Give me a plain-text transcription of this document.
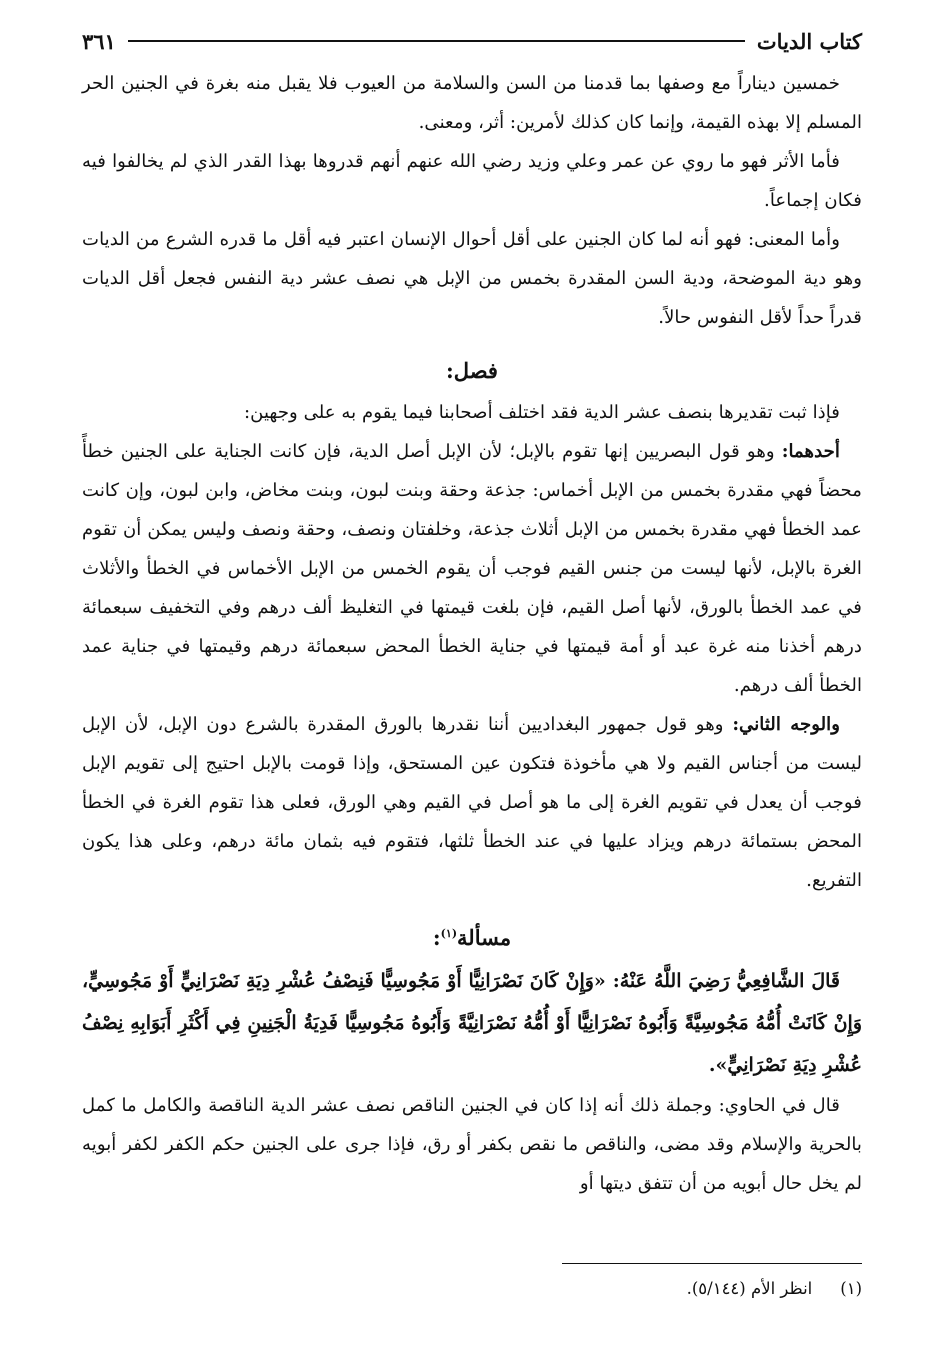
كتاب الديات
٣٦١

خمسين ديناراً مع وصفها بما قدمنا من السن والسلامة من العيوب فلا يقبل منه بغرة في الجنين الحر المسلم إلا بهذه القيمة، وإنما كان كذلك لأمرين: أثر، ومعنى.

فأما الأثر فهو ما روي عن عمر وعلي وزيد رضي الله عنهم أنهم قدروها بهذا القدر الذي لم يخالفوا فيه فكان إجماعاً.

وأما المعنى: فهو أنه لما كان الجنين على أقل أحوال الإنسان اعتبر فيه أقل ما قدره الشرع من الديات وهو دية الموضحة، ودية السن المقدرة بخمس من الإبل هي نصف عشر دية النفس فجعل أقل الديات قدراً حداً لأقل النفوس حالاً.

فصل:

فإذا ثبت تقديرها بنصف عشر الدية فقد اختلف أصحابنا فيما يقوم به على وجهين:

أحدهما: وهو قول البصريين إنها تقوم بالإبل؛ لأن الإبل أصل الدية، فإن كانت الجناية على الجنين خطأً محضاً فهي مقدرة بخمس من الإبل أخماس: جذعة وحقة وبنت لبون، وبنت مخاض، وابن لبون، وإن كانت عمد الخطأ فهي مقدرة بخمس من الإبل أثلاث جذعة، وخلفتان ونصف، وحقة ونصف وليس يمكن أن تقوم الغرة بالإبل، لأنها ليست من جنس القيم فوجب أن يقوم الخمس من الإبل الأخماس في الخطأ والأثلاث في عمد الخطأ بالورق، لأنها أصل القيم، فإن بلغت قيمتها في التغليظ ألف درهم وفي التخفيف سبعمائة درهم أخذنا منه غرة عبد أو أمة قيمتها في جناية الخطأ المحض سبعمائة درهم وقيمتها في جناية عمد الخطأ ألف درهم.

والوجه الثاني: وهو قول جمهور البغداديين أننا نقدرها بالورق المقدرة بالشرع دون الإبل، لأن الإبل ليست من أجناس القيم ولا هي مأخوذة فتكون عين المستحق، وإذا قومت بالإبل احتيج إلى تقويم الإبل فوجب أن يعدل في تقويم الغرة إلى ما هو أصل في القيم وهي الورق، فعلى هذا تقوم الغرة في الخطأ المحض بستمائة درهم ويزاد عليها في عند الخطأ ثلثها، فتقوم فيه بثمان مائة درهم، وعلى هذا يكون التفريع.

مسألة$^{(١)}$:

قَالَ الشَّافِعِيُّ رَضِيَ اللَّهُ عَنْهُ: «وَإِنْ كَانَ نَصْرَانِيًّا أَوْ مَجُوسِيًّا فَنِصْفُ عُشْرِ دِيَةِ نَصْرَانِيٍّ أَوْ مَجُوسِيٍّ، وَإِنْ كَانَتْ أُمُّهُ مَجُوسِيَّةً وَأَبُوهُ نَصْرَانِيًّا أَوْ أُمُّهُ نَصْرَانِيَّةً وَأَبُوهُ مَجُوسِيًّا فَدِيَةُ الْجَنِينِ فِي أَكْثَرِ أَبَوَابِهِ نِصْفُ عُشْرِ دِيَةِ نَصْرَانِيٍّ».

قال في الحاوي: وجملة ذلك أنه إذا كان في الجنين الناقص نصف عشر الدية الناقصة والكامل ما كمل بالحرية والإسلام وقد مضى، والناقص ما نقص بكفر أو رق، فإذا جرى على الجنين حكم الكفر لكفر أبويه لم يخل حال أبويه من أن تتفق ديتها أو

(١)انظر الأم (٥/١٤٤).
